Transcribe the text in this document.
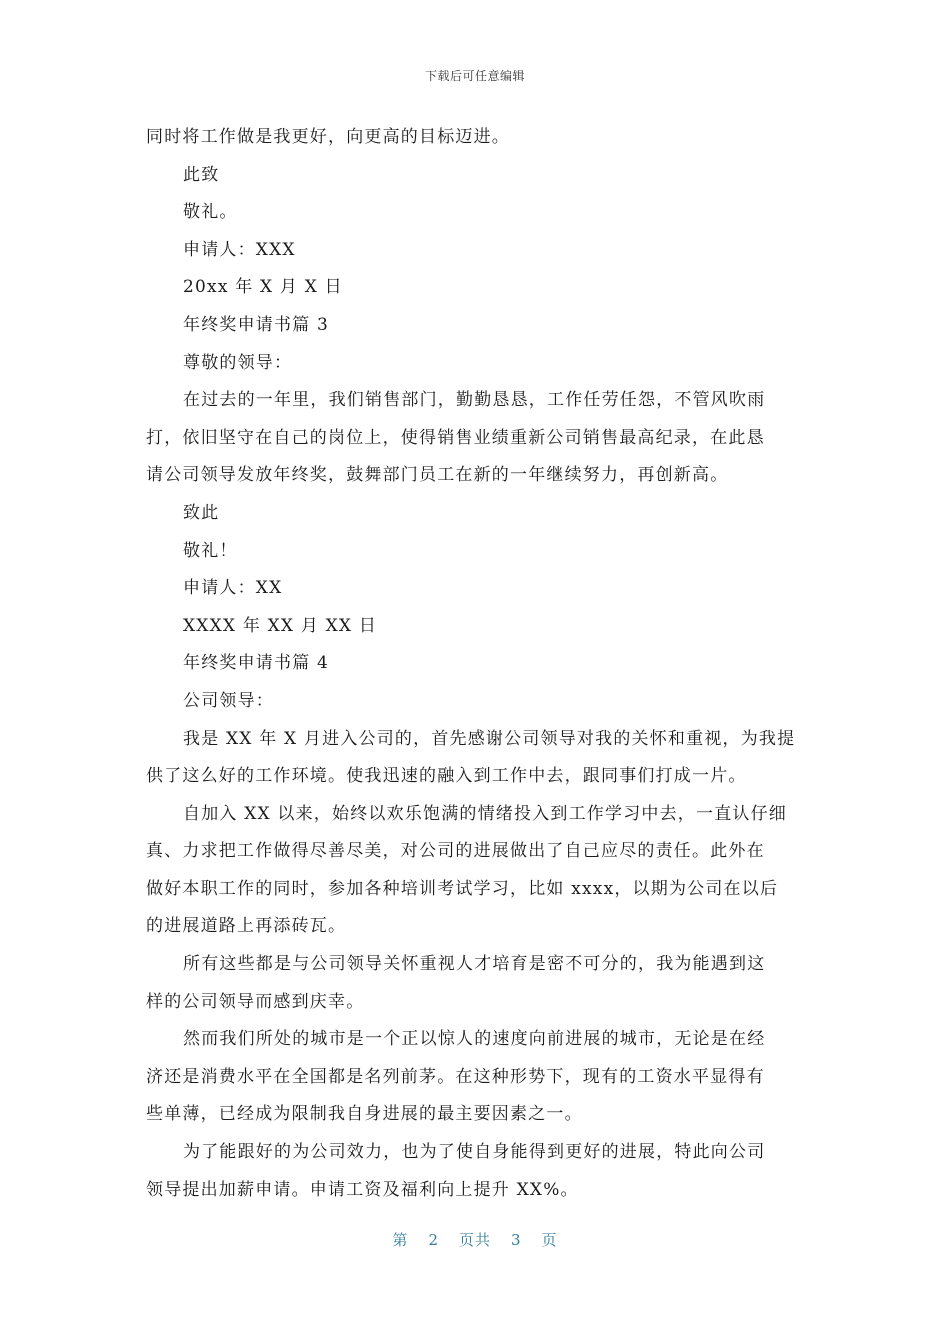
下载后可任意编辑
同时将工作做是我更好，向更高的目标迈进。
此致
敬礼。
申请人：XXX
20xx 年 X 月 X 日
年终奖申请书篇 3
尊敬的领导：
在过去的一年里，我们销售部门，勤勤恳恳，工作任劳任怨，不管风吹雨
打，依旧坚守在自己的岗位上，使得销售业绩重新公司销售最高纪录，在此恳
请公司领导发放年终奖，鼓舞部门员工在新的一年继续努力，再创新高。
致此
敬礼！
申请人：XX
XXXX 年 XX 月 XX 日
年终奖申请书篇 4
公司领导：
我是 XX 年 X 月进入公司的，首先感谢公司领导对我的关怀和重视，为我提
供了这么好的工作环境。使我迅速的融入到工作中去，跟同事们打成一片。
自加入 XX 以来，始终以欢乐饱满的情绪投入到工作学习中去，一直认仔细
真、力求把工作做得尽善尽美，对公司的进展做出了自己应尽的责任。此外在
做好本职工作的同时，参加各种培训考试学习，比如 xxxx，以期为公司在以后
的进展道路上再添砖瓦。
所有这些都是与公司领导关怀重视人才培育是密不可分的，我为能遇到这
样的公司领导而感到庆幸。
然而我们所处的城市是一个正以惊人的速度向前进展的城市，无论是在经
济还是消费水平在全国都是名列前茅。在这种形势下，现有的工资水平显得有
些单薄，已经成为限制我自身进展的最主要因素之一。
为了能跟好的为公司效力，也为了使自身能得到更好的进展，特此向公司
领导提出加薪申请。申请工资及福利向上提升 XX%。
第 2 页共 3 页
